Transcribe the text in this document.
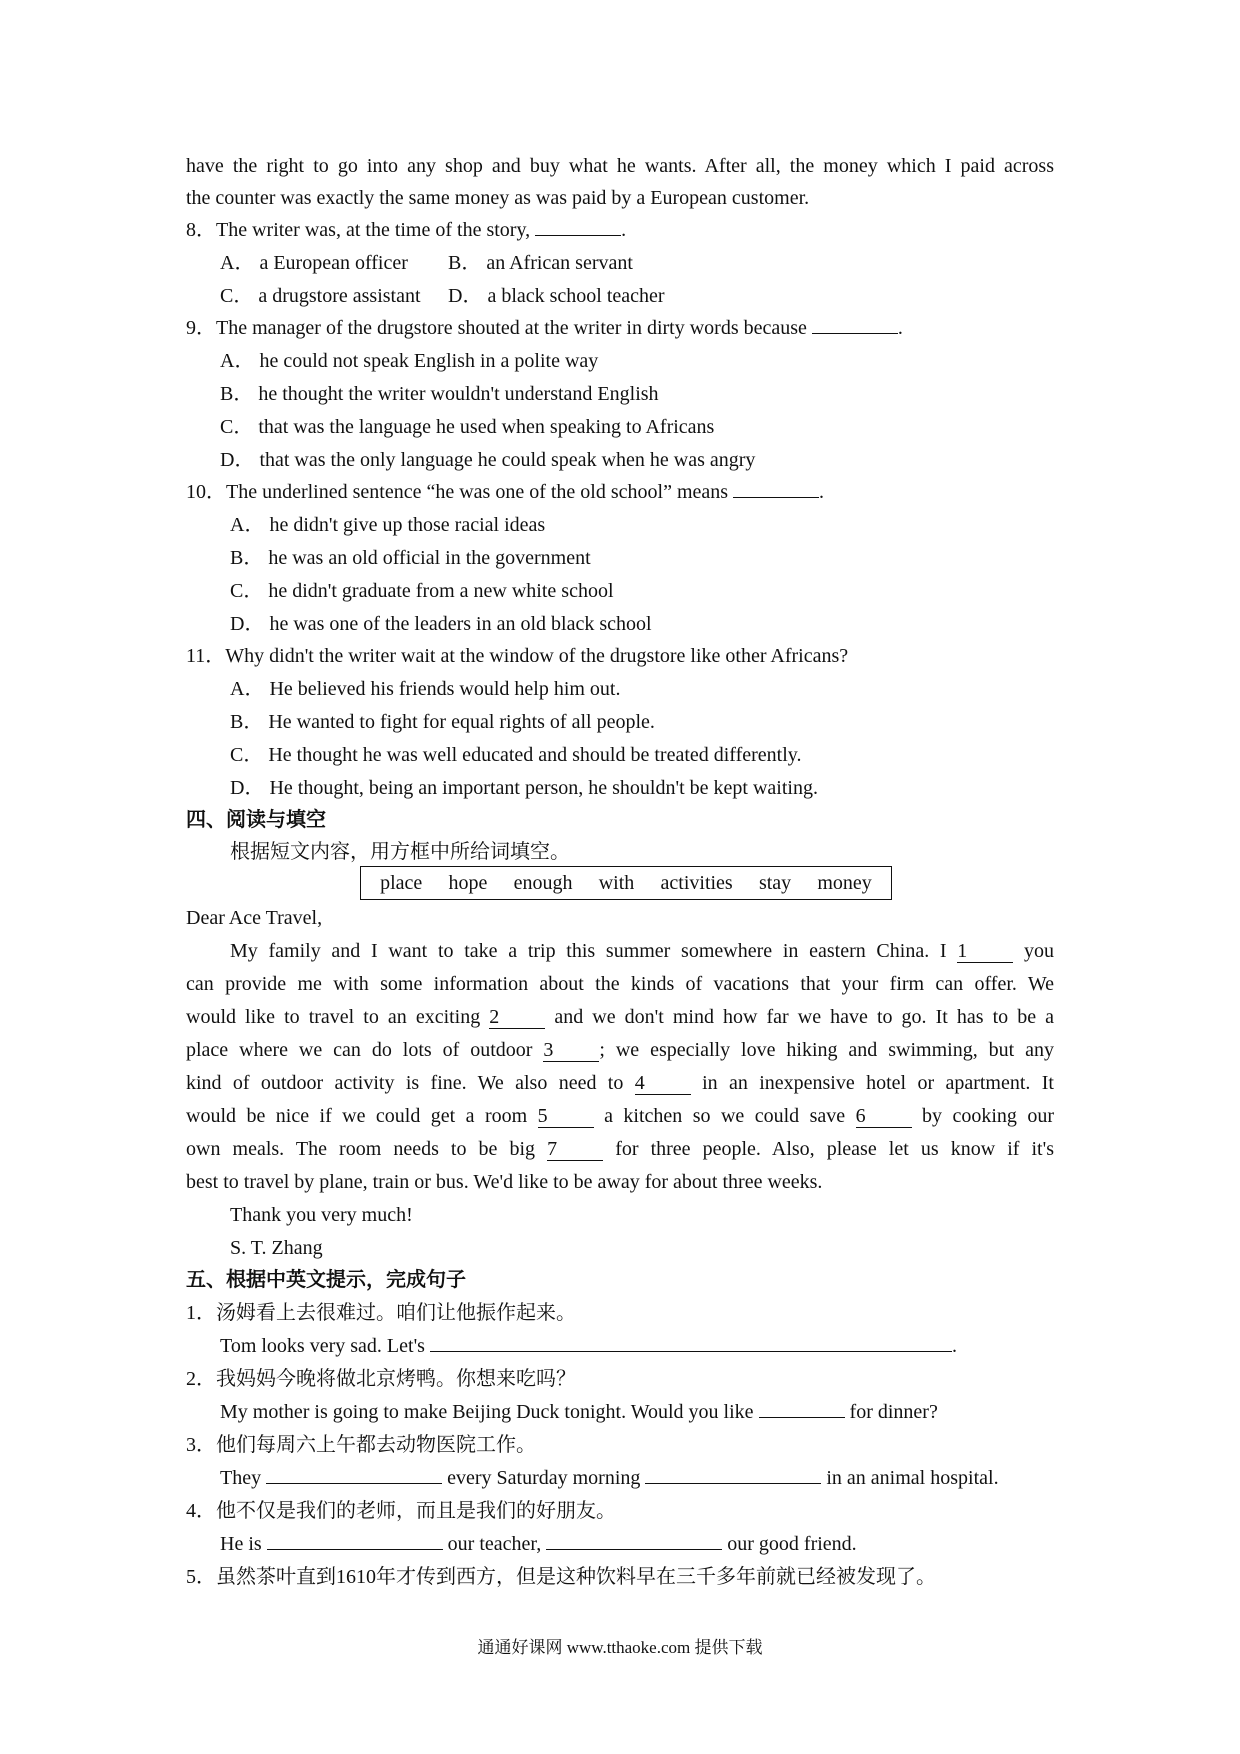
have the right to go into any shop and buy what he wants. After all, the money which I paid across
the counter was exactly the same money as was paid by a European customer.
8．The writer was, at the time of the story,	.
A． a European officer B． an African servant
C． a drugstore assistant D． a black school teacher
9．The manager of the drugstore shouted at the writer in dirty words because	.
A． he could not speak English in a polite way
B． he thought the writer wouldn't understand English
C． that was the language he used when speaking to Africans
D． that was the only language he could speak when he was angry
10．The underlined sentence “he was one of the old school” means	.
A． he didn't give up those racial ideas
B． he was an old official in the government
C． he didn't graduate from a new white school
D． he was one of the leaders in an old black school
11．Why didn't the writer wait at the window of the drugstore like other Africans?
A． He believed his friends would help him out.
B． He wanted to fight for equal rights of all people.
C． He thought he was well educated and should be treated differently.
D． He thought, being an important person, he shouldn't be kept waiting.
四、阅读与填空
根据短文内容，用方框中所给词填空。
place hope enough with activities stay money
Dear Ace Travel,
My family and I want to take a trip this summer somewhere in eastern China. I 1 you
can provide me with some information about the kinds of vacations that your firm can offer. We
would like to travel to an exciting 2 and we don't mind how far we have to go. It has to be a
place where we can do lots of outdoor 3 ; we especially love hiking and swimming, but any
kind of outdoor activity is fine. We also need to 4 in an inexpensive hotel or apartment. It
would be nice if we could get a room 5 a kitchen so we could save 6 by cooking our
own meals. The room needs to be big 7 for three people. Also, please let us know if it's
best to travel by plane, train or bus. We'd like to be away for about three weeks.
Thank you very much!
S. T. Zhang
五、根据中英文提示，完成句子
1．汤姆看上去很难过。咱们让他振作起来。
Tom looks very sad. Let's	.
2．我妈妈今晚将做北京烤鸭。你想来吃吗？
My mother is going to make Beijing Duck tonight. Would you like	for dinner?
3．他们每周六上午都去动物医院工作。
They	every Saturday morning	in an animal hospital.
4．他不仅是我们的老师，而且是我们的好朋友。
He is	our teacher,	our good friend.
5．虽然茶叶直到1610年才传到西方，但是这种饮料早在三千多年前就已经被发现了。
通通好课网 www.tthaoke.com 提供下载
